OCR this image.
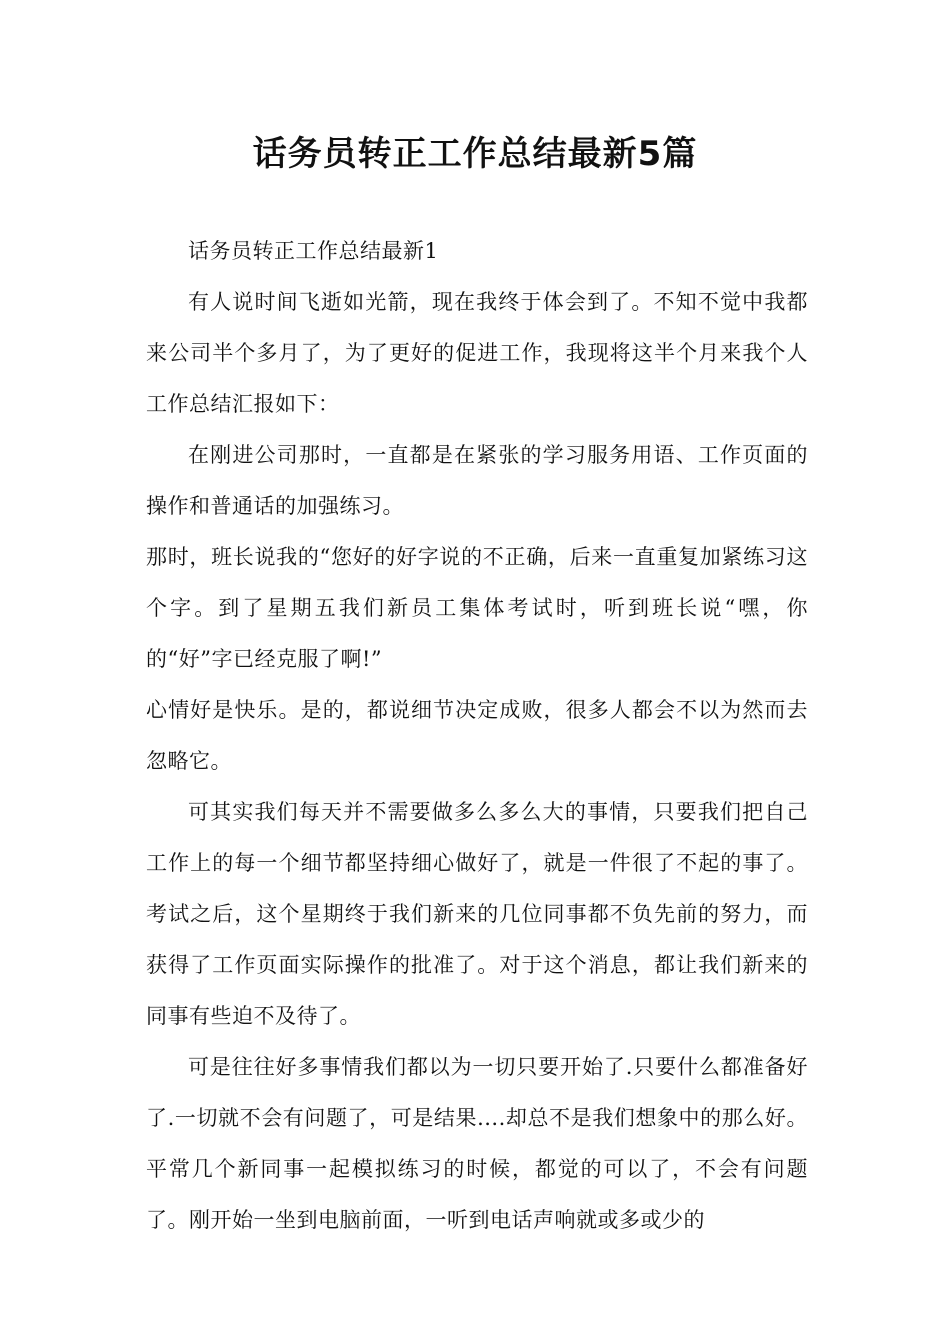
话务员转正工作总结最新5篇

话务员转正工作总结最新1

有人说时间飞逝如光箭，现在我终于体会到了。不知不觉中我都来公司半个多月了，为了更好的促进工作，我现将这半个月来我个人工作总结汇报如下：

在刚进公司那时，一直都是在紧张的学习服务用语、工作页面的操作和普通话的加强练习。

那时，班长说我的“您好的好字说的不正确，后来一直重复加紧练习这个字。到了星期五我们新员工集体考试时，听到班长说“嘿，你的“好”字已经克服了啊!”

心情好是快乐。是的，都说细节决定成败，很多人都会不以为然而去忽略它。

可其实我们每天并不需要做多么多么大的事情，只要我们把自己工作上的每一个细节都坚持细心做好了，就是一件很了不起的事了。考试之后，这个星期终于我们新来的几位同事都不负先前的努力，而获得了工作页面实际操作的批准了。对于这个消息，都让我们新来的同事有些迫不及待了。

可是往往好多事情我们都以为一切只要开始了.只要什么都准备好了.一切就不会有问题了，可是结果....却总不是我们想象中的那么好。平常几个新同事一起模拟练习的时候，都觉的可以了，不会有问题了。刚开始一坐到电脑前面，一听到电话声响就或多或少的
